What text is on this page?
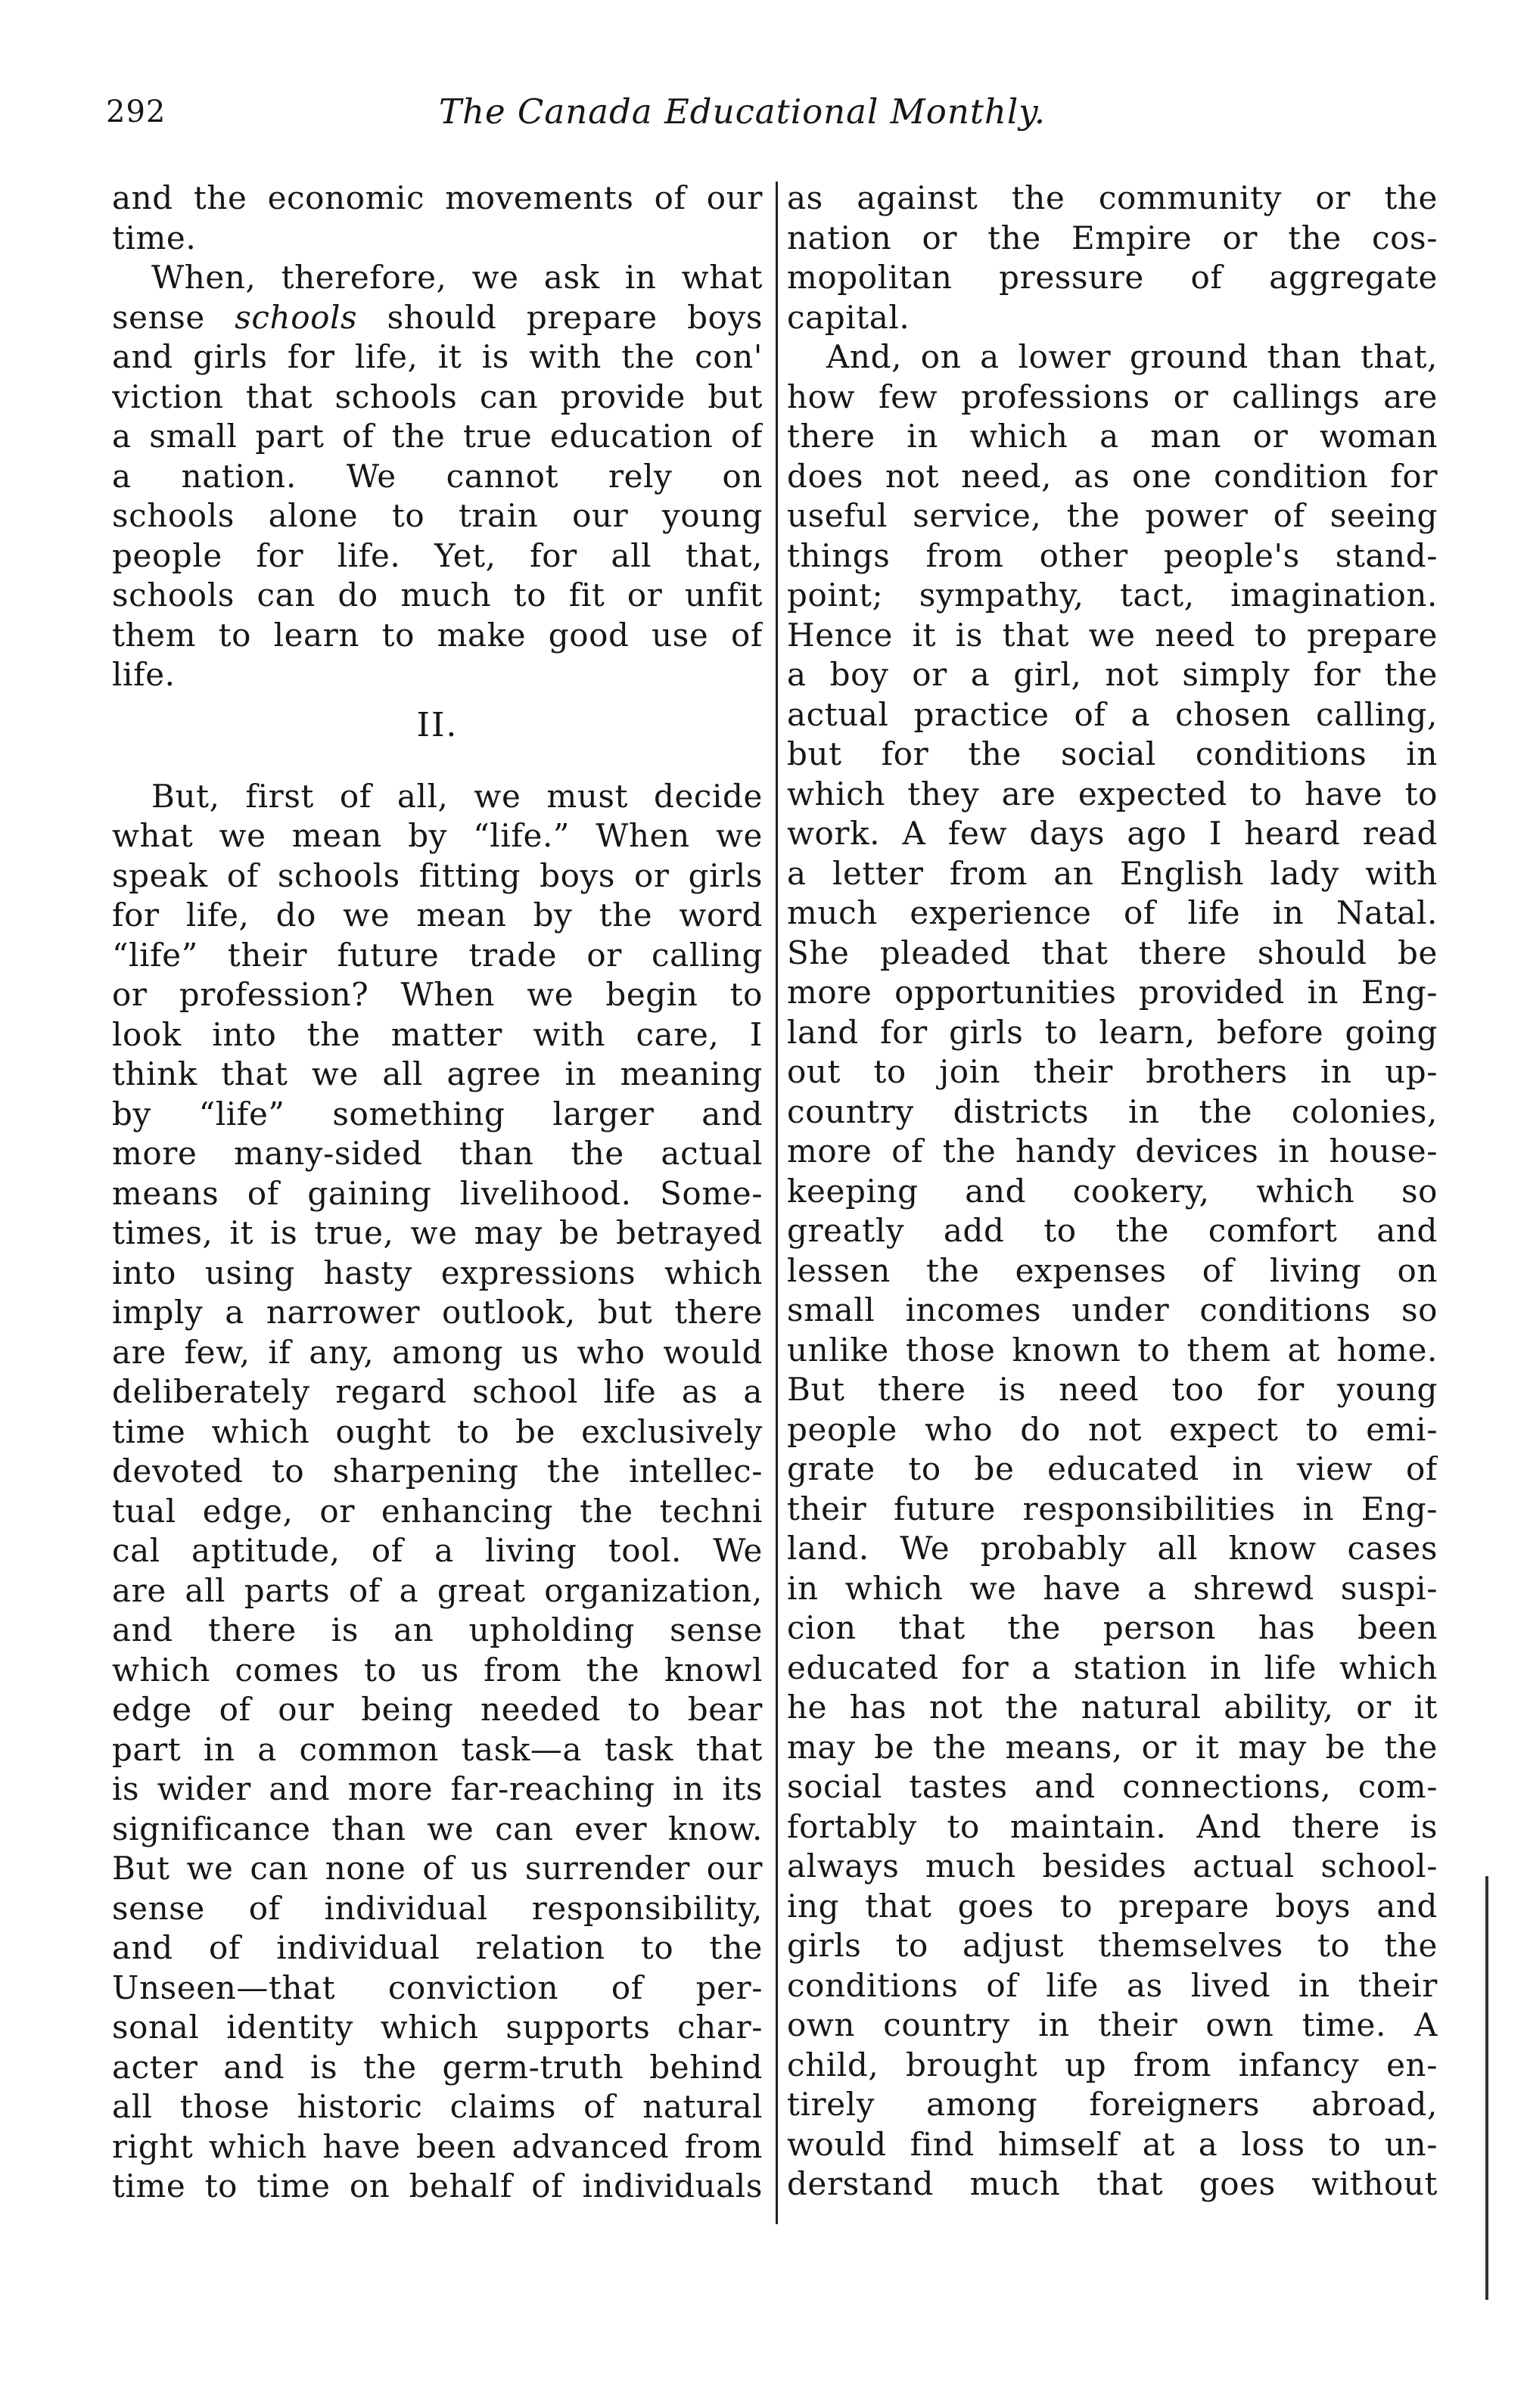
292	The Canada Educational Monthly.
and the economic movements of our
time.
When, therefore, we ask in what
sense schools should prepare boys
and girls for life, it is with the con'
viction that schools can provide but
a small part of the true education of
a nation. We cannot rely on
schools alone to train our young
people for life. Yet, for all that,
schools can do much to fit or unfit
them to learn to make good use of
life.
II.
But, first of all, we must decide
what we mean by “life.” When we
speak of schools fitting boys or girls
for life, do we mean by the word
“life” their future trade or calling
or profession? When we begin to
look into the matter with care, I
think that we all agree in meaning
by “life” something larger and
more many-sided than the actual
means of gaining livelihood. Some-
times, it is true, we may be betrayed
into using hasty expressions which
imply a narrower outlook, but there
are few, if any, among us who would
deliberately regard school life as a
time which ought to be exclusively
devoted to sharpening the intellec-
tual edge, or enhancing the techni
cal aptitude, of a living tool. We
are all parts of a great organization,
and there is an upholding sense
which comes to us from the knowl
edge of our being needed to bear
part in a common task—a task that
is wider and more far-reaching in its
significance than we can ever know.
But we can none of us surrender our
sense of individual responsibility,
and of individual relation to the
Unseen—that conviction of per-
sonal identity which supports char-
acter and is the germ-truth behind
all those historic claims of natural
right which have been advanced from
time to time on behalf of individuals
as against the community or the
nation or the Empire or the cos-
mopolitan pressure of aggregate
capital.
And, on a lower ground than that,
how few professions or callings are
there in which a man or woman
does not need, as one condition for
useful service, the power of seeing
things from other people's stand-
point; sympathy, tact, imagination.
Hence it is that we need to prepare
a boy or a girl, not simply for the
actual practice of a chosen calling,
but for the social conditions in
which they are expected to have to
work. A few days ago I heard read
a letter from an English lady with
much experience of life in Natal.
She pleaded that there should be
more opportunities provided in Eng-
land for girls to learn, before going
out to join their brothers in up-
country districts in the colonies,
more of the handy devices in house-
keeping and cookery, which so
greatly add to the comfort and
lessen the expenses of living on
small incomes under conditions so
unlike those known to them at home.
But there is need too for young
people who do not expect to emi-
grate to be educated in view of
their future responsibilities in Eng-
land. We probably all know cases
in which we have a shrewd suspi-
cion that the person has been
educated for a station in life which
he has not the natural ability, or it
may be the means, or it may be the
social tastes and connections, com-
fortably to maintain. And there is
always much besides actual school-
ing that goes to prepare boys and
girls to adjust themselves to the
conditions of life as lived in their
own country in their own time. A
child, brought up from infancy en-
tirely among foreigners abroad,
would find himself at a loss to un-
derstand much that goes without
